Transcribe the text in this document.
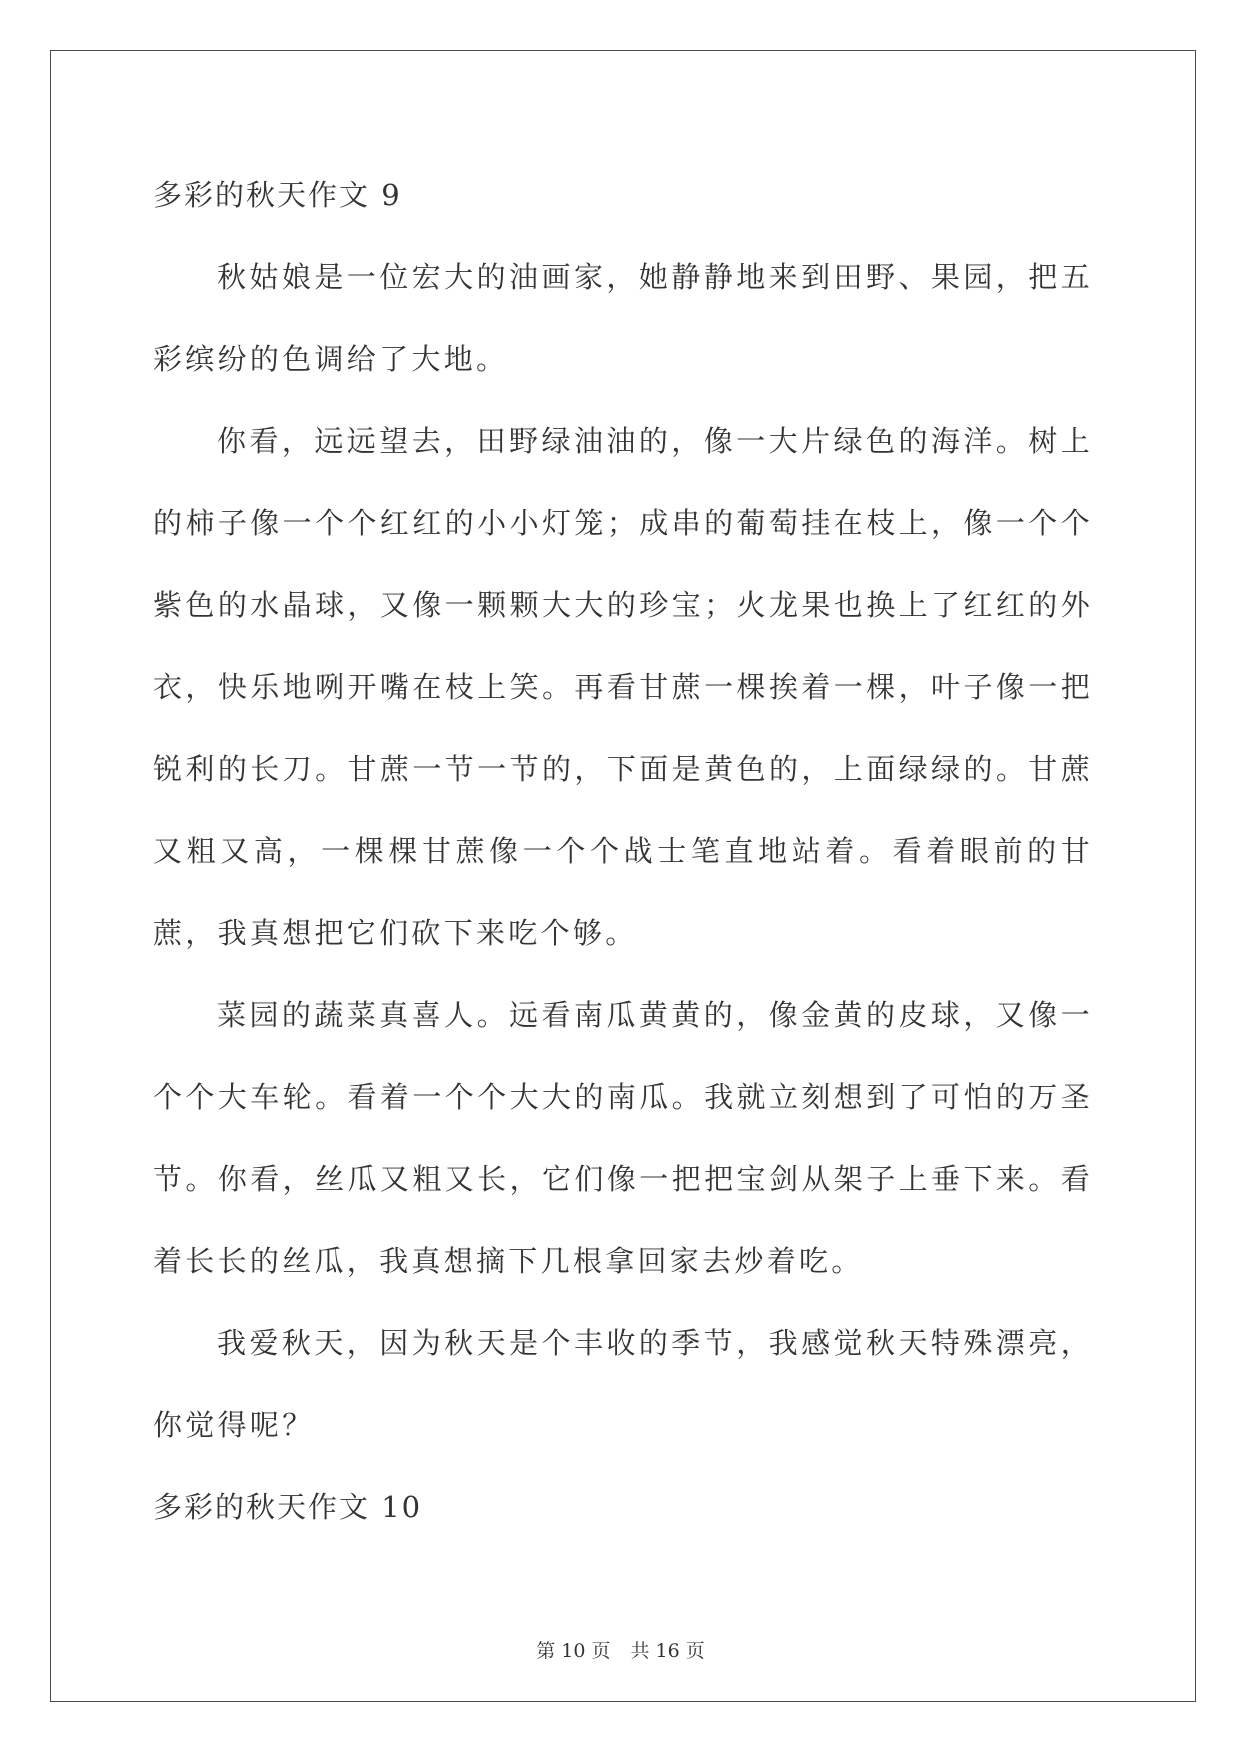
多彩的秋天作文 9

秋姑娘是一位宏大的油画家，她静静地来到田野、果园，把五彩缤纷的色调给了大地。

你看，远远望去，田野绿油油的，像一大片绿色的海洋。树上的柿子像一个个红红的小小灯笼；成串的葡萄挂在枝上，像一个个紫色的水晶球，又像一颗颗大大的珍宝；火龙果也换上了红红的外衣，快乐地咧开嘴在枝上笑。再看甘蔗一棵挨着一棵，叶子像一把锐利的长刀。甘蔗一节一节的，下面是黄色的，上面绿绿的。甘蔗又粗又高，一棵棵甘蔗像一个个战士笔直地站着。看着眼前的甘蔗，我真想把它们砍下来吃个够。

菜园的蔬菜真喜人。远看南瓜黄黄的，像金黄的皮球，又像一个个大车轮。看着一个个大大的南瓜。我就立刻想到了可怕的万圣节。你看，丝瓜又粗又长，它们像一把把宝剑从架子上垂下来。看着长长的丝瓜，我真想摘下几根拿回家去炒着吃。

我爱秋天，因为秋天是个丰收的季节，我感觉秋天特殊漂亮，你觉得呢？

多彩的秋天作文 10
第 10 页 共 16 页
